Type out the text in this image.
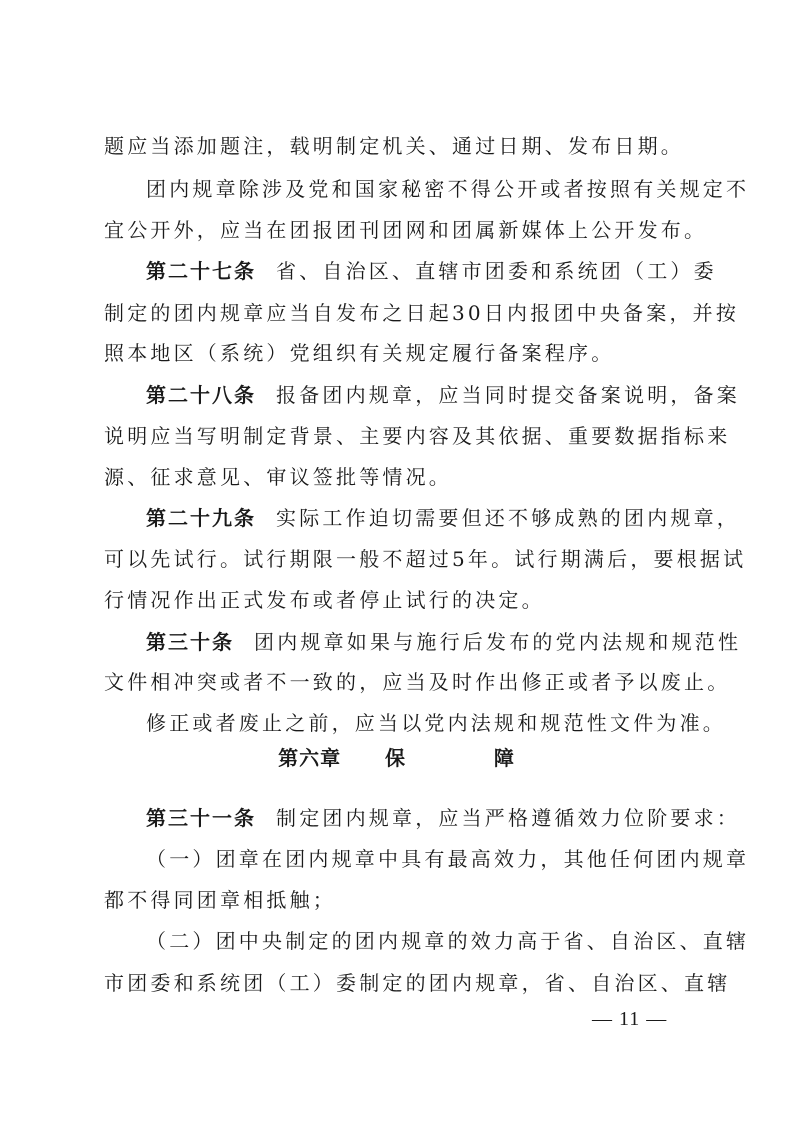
题应当添加题注，载明制定机关、通过日期、发布日期。
团内规章除涉及党和国家秘密不得公开或者按照有关规定不
宜公开外，应当在团报团刊团网和团属新媒体上公开发布。
第二十七条 省、自治区、直辖市团委和系统团（工）委
制定的团内规章应当自发布之日起30日内报团中央备案，并按
照本地区（系统）党组织有关规定履行备案程序。
第二十八条 报备团内规章，应当同时提交备案说明，备案
说明应当写明制定背景、主要内容及其依据、重要数据指标来
源、征求意见、审议签批等情况。
第二十九条 实际工作迫切需要但还不够成熟的团内规章，
可以先试行。试行期限一般不超过5年。试行期满后，要根据试
行情况作出正式发布或者停止试行的决定。
第三十条 团内规章如果与施行后发布的党内法规和规范性
文件相冲突或者不一致的，应当及时作出修正或者予以废止。
修正或者废止之前，应当以党内法规和规范性文件为准。
第六章  保    障
第三十一条 制定团内规章，应当严格遵循效力位阶要求：
（一）团章在团内规章中具有最高效力，其他任何团内规章
都不得同团章相抵触；
（二）团中央制定的团内规章的效力高于省、自治区、直辖
市团委和系统团（工）委制定的团内规章，省、自治区、直辖
— 11 —
